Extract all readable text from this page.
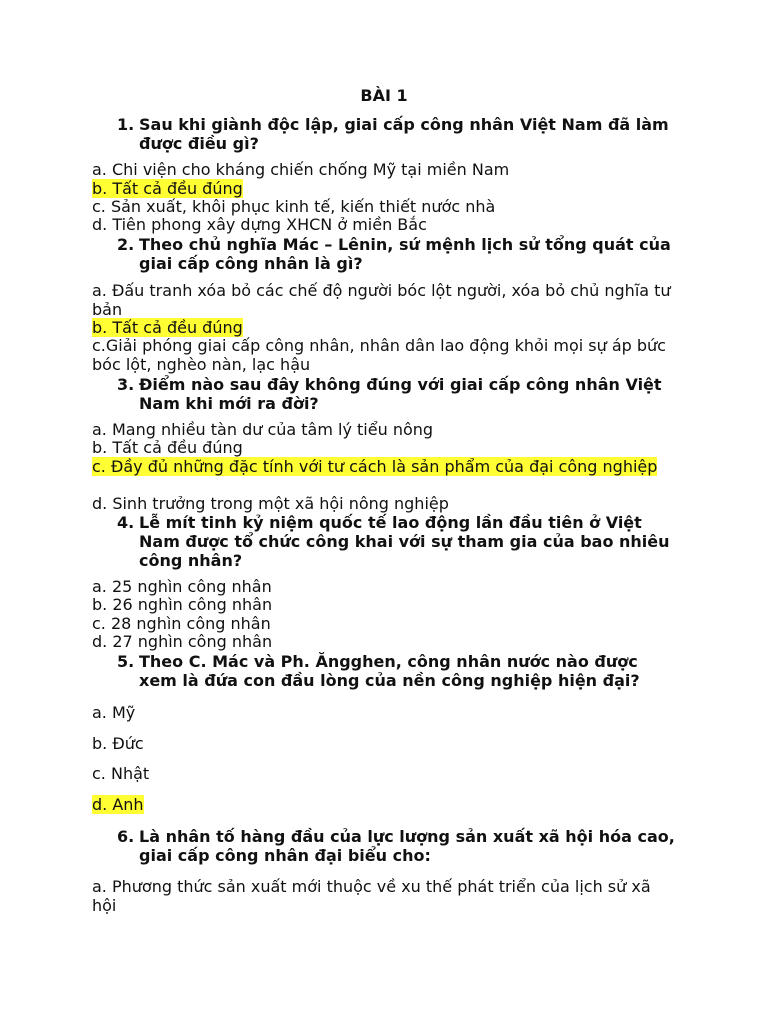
BÀI 1
1. Sau khi giành độc lập, giai cấp công nhân Việt Nam đã làm được điều gì?
a. Chi viện cho kháng chiến chống Mỹ tại miền Nam
b. Tất cả đều đúng
c. Sản xuất, khôi phục kinh tế, kiến thiết nước nhà
d. Tiên phong xây dựng XHCN ở miền Bắc
2. Theo chủ nghĩa Mác – Lênin, sứ mệnh lịch sử tổng quát của giai cấp công nhân là gì?
a. Đấu tranh xóa bỏ các chế độ người bóc lột người, xóa bỏ chủ nghĩa tư bản
b. Tất cả đều đúng
c.Giải phóng giai cấp công nhân, nhân dân lao động khỏi mọi sự áp bức bóc lột, nghèo nàn, lạc hậu
3. Điểm nào sau đây không đúng với giai cấp công nhân Việt Nam khi mới ra đời?
a. Mang nhiều tàn dư của tâm lý tiểu nông
b. Tất cả đều đúng
c. Đầy đủ những đặc tính với tư cách là sản phẩm của đại công nghiệp
d. Sinh trưởng trong một xã hội nông nghiệp
4. Lễ mít tinh kỷ niệm quốc tế lao động lần đầu tiên ở Việt Nam được tổ chức công khai với sự tham gia của bao nhiêu công nhân?
a. 25 nghìn công nhân
b. 26 nghìn công nhân
c. 28 nghìn công nhân
d. 27 nghìn công nhân
5. Theo C. Mác và Ph. Ăngghen, công nhân nước nào được xem là đứa con đầu lòng của nền công nghiệp hiện đại?
a. Mỹ
b. Đức
c. Nhật
d. Anh
6. Là nhân tố hàng đầu của lực lượng sản xuất xã hội hóa cao, giai cấp công nhân đại biểu cho:
a. Phương thức sản xuất mới thuộc về xu thế phát triển của lịch sử xã hội
